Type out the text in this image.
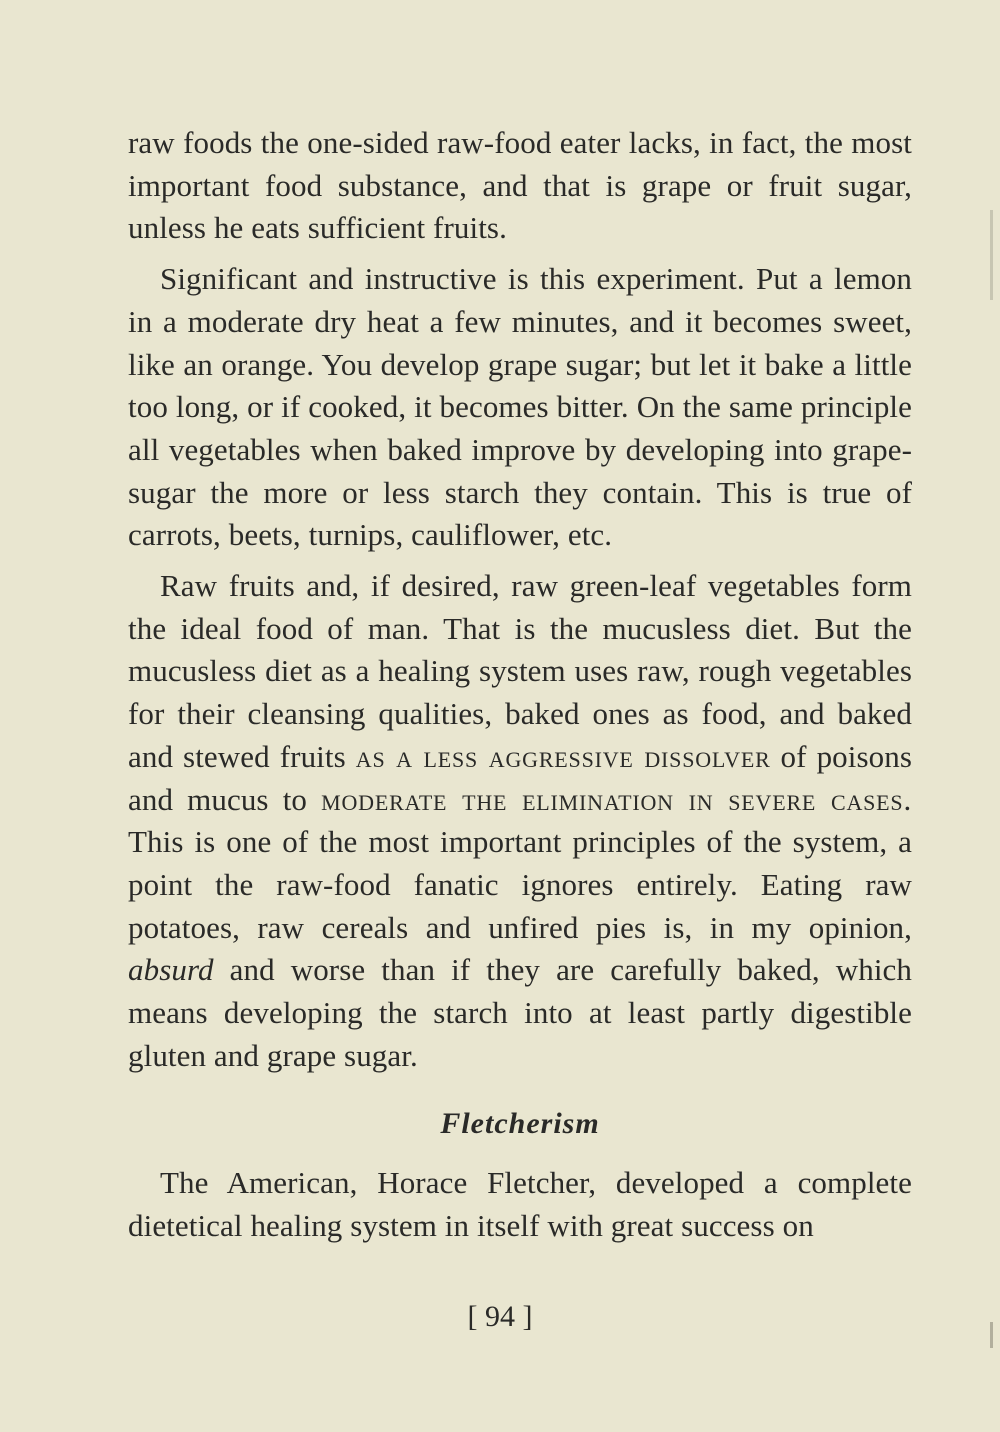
raw foods the one-sided raw-food eater lacks, in fact, the most important food substance, and that is grape or fruit sugar, unless he eats sufficient fruits.

Significant and instructive is this experiment. Put a lemon in a moderate dry heat a few minutes, and it becomes sweet, like an orange. You develop grape sugar; but let it bake a little too long, or if cooked, it becomes bitter. On the same principle all vegetables when baked improve by developing into grape-sugar the more or less starch they contain. This is true of carrots, beets, turnips, cauliflower, etc.

Raw fruits and, if desired, raw green-leaf vegetables form the ideal food of man. That is the mucusless diet. But the mucusless diet as a healing system uses raw, rough vegetables for their cleansing qualities, baked ones as food, and baked and stewed fruits as a less aggressive dissolver of poisons and mucus to moderate the elimination in severe cases. This is one of the most important principles of the system, a point the raw-food fanatic ignores entirely. Eating raw potatoes, raw cereals and unfired pies is, in my opinion, absurd and worse than if they are carefully baked, which means developing the starch into at least partly digestible gluten and grape sugar.

Fletcherism

The American, Horace Fletcher, developed a complete dietetical healing system in itself with great success on

[ 94 ]
